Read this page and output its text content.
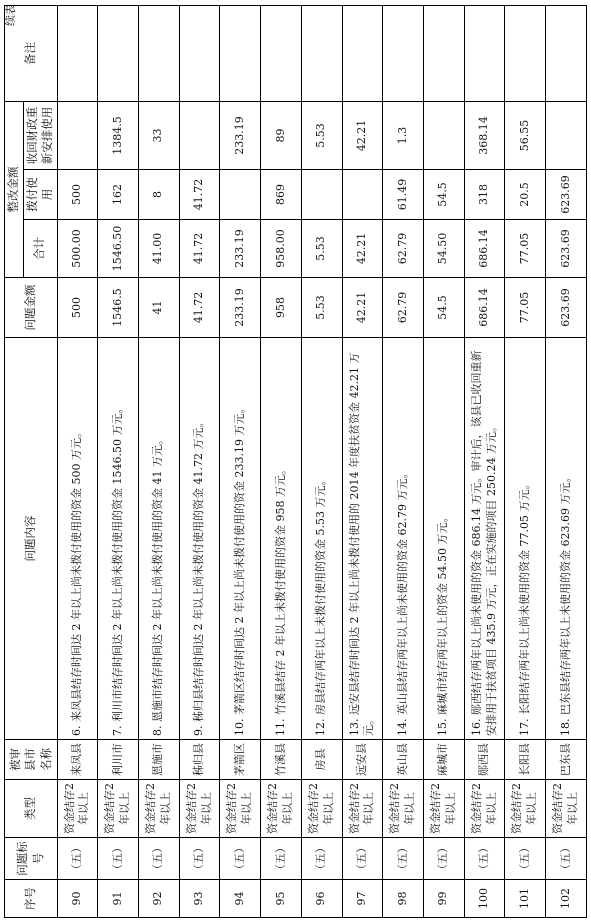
续表
序号	问题标号	类型	被审县市名称	问题内容	问题金额	整改金额			备注
						合计	拨付使用	收回财政重新安排使用	
90	（五）	资金结存2年以上	来凤县	6. 来凤县结存时间达 2 年以上尚未拨付使用的资金 500 万元。	500	500.00	500		
91	（五）	资金结存2年以上	利川市	7. 利川市结存时间达 2 年以上尚未拨付使用的资金 1546.50 万元。	1546.5	1546.50	162	1384.5	
92	（五）	资金结存2年以上	恩施市	8. 恩施市结存时间达 2 年以上尚未拨付使用的资金 41 万元。	41	41.00	8	33	
93	（五）	资金结存2年以上	秭归县	9. 秭归县结存时间达 2 年以上尚未拨付使用的资金 41.72 万元。	41.72	41.72	41.72		
94	（五）	资金结存2年以上	茅箭区	10. 茅箭区结存时间达 2 年以上尚未拨付使用的资金 233.19 万元。	233.19	233.19		233.19	
95	（五）	资金结存2年以上	竹溪县	11. 竹溪县结存 2 年以上未拨付使用的资金 958 万元。	958	958.00	869	89	
96	（五）	资金结存2年以上	房县	12. 房县结存两年以上未拨付使用的资金 5.53 万元。	5.53	5.53		5.53	
97	（五）	资金结存2年以上	远安县	13. 远安县结存时间达 2 年以上尚未拨付使用的 2014 年度扶贫资金 42.21 万元。	42.21	42.21		42.21	
98	（五）	资金结存2年以上	英山县	14. 英山县结存两年以上尚未使用的资金 62.79 万元。	62.79	62.79	61.49	1.3	
99	（五）	资金结存2年以上	麻城市	15. 麻城市结存两年以上的资金 54.50 万元。	54.5	54.50	54.5		
100	（五）	资金结存2年以上	郧西县	16. 郧西结存两年以上尚未使用的资金 686.14 万元。审计后，该县已收回重新安排用于扶贫项目 435.9 万元，正在实施的项目 250.24 万元。	686.14	686.14	318	368.14	
101	（五）	资金结存2年以上	长阳县	17. 长阳结存两年以上尚未使用的资金 77.05 万元。	77.05	77.05	20.5	56.55	
102	（五）	资金结存2年以上	巴东县	18. 巴东县结存两年以上未使用的资金 623.69 万元。	623.69	623.69	623.69		
